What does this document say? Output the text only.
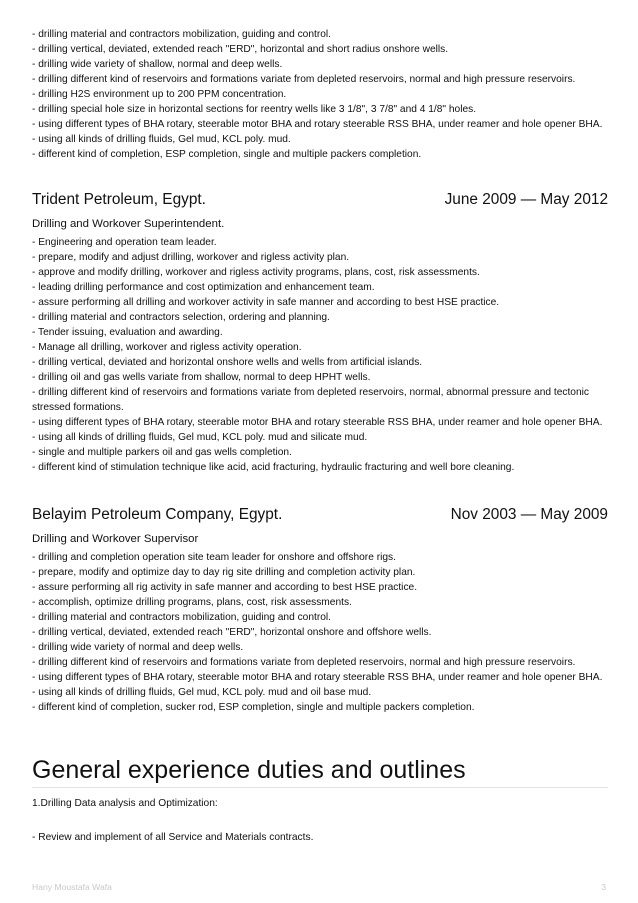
- drilling material and contractors mobilization, guiding and control.
- drilling vertical, deviated, extended reach "ERD", horizontal and short radius onshore wells.
- drilling wide variety of shallow, normal and deep wells.
- drilling different kind of reservoirs and formations variate from depleted reservoirs, normal and high pressure reservoirs.
- drilling H2S environment up to 200 PPM concentration.
- drilling special hole size in horizontal sections for reentry wells like 3 1/8", 3 7/8" and 4 1/8" holes.
- using different types of BHA rotary, steerable motor BHA and rotary steerable RSS BHA, under reamer and hole opener BHA.
- using all kinds of drilling fluids, Gel mud, KCL poly. mud.
- different kind of completion, ESP completion, single and multiple packers completion.
Trident Petroleum, Egypt.	June 2009 — May 2012
Drilling and Workover Superintendent.
- Engineering and operation team leader.
- prepare, modify and adjust drilling, workover and rigless activity plan.
- approve and modify drilling, workover and rigless activity programs, plans, cost, risk assessments.
- leading drilling performance and cost optimization and enhancement team.
- assure performing all drilling and workover activity in safe manner and according to best HSE practice.
- drilling material and contractors selection, ordering and planning.
- Tender issuing, evaluation and awarding.
- Manage all drilling, workover and rigless activity operation.
- drilling vertical, deviated and horizontal onshore wells and wells from artificial islands.
- drilling oil and gas wells variate from shallow, normal to deep HPHT wells.
- drilling different kind of reservoirs and formations variate from depleted reservoirs, normal, abnormal pressure and tectonic stressed formations.
- using different types of BHA rotary, steerable motor BHA and rotary steerable RSS BHA, under reamer and hole opener BHA.
- using all kinds of drilling fluids, Gel mud, KCL poly. mud and silicate mud.
- single and multiple parkers oil and gas wells completion.
- different kind of stimulation technique like acid, acid fracturing, hydraulic fracturing and well bore cleaning.
Belayim Petroleum Company, Egypt.	Nov 2003 — May 2009
Drilling and Workover Supervisor
- drilling and completion operation site team leader for onshore and offshore rigs.
- prepare, modify and optimize day to day rig site drilling and completion activity plan.
- assure performing all rig activity in safe manner and according to best HSE practice.
- accomplish, optimize drilling programs, plans, cost, risk assessments.
- drilling material and contractors mobilization, guiding and control.
- drilling vertical, deviated, extended reach "ERD", horizontal onshore and offshore wells.
- drilling wide variety of normal and deep wells.
- drilling different kind of reservoirs and formations variate from depleted reservoirs, normal and high pressure reservoirs.
- using different types of BHA rotary, steerable motor BHA and rotary steerable RSS BHA, under reamer and hole opener BHA.
- using all kinds of drilling fluids, Gel mud, KCL poly. mud and oil base mud.
- different kind of completion, sucker rod, ESP completion, single and multiple packers completion.
General experience duties and outlines

1.Drilling Data analysis and Optimization:

- Review and implement of all Service and Materials contracts.

Hany Moustafa Wafa	3
